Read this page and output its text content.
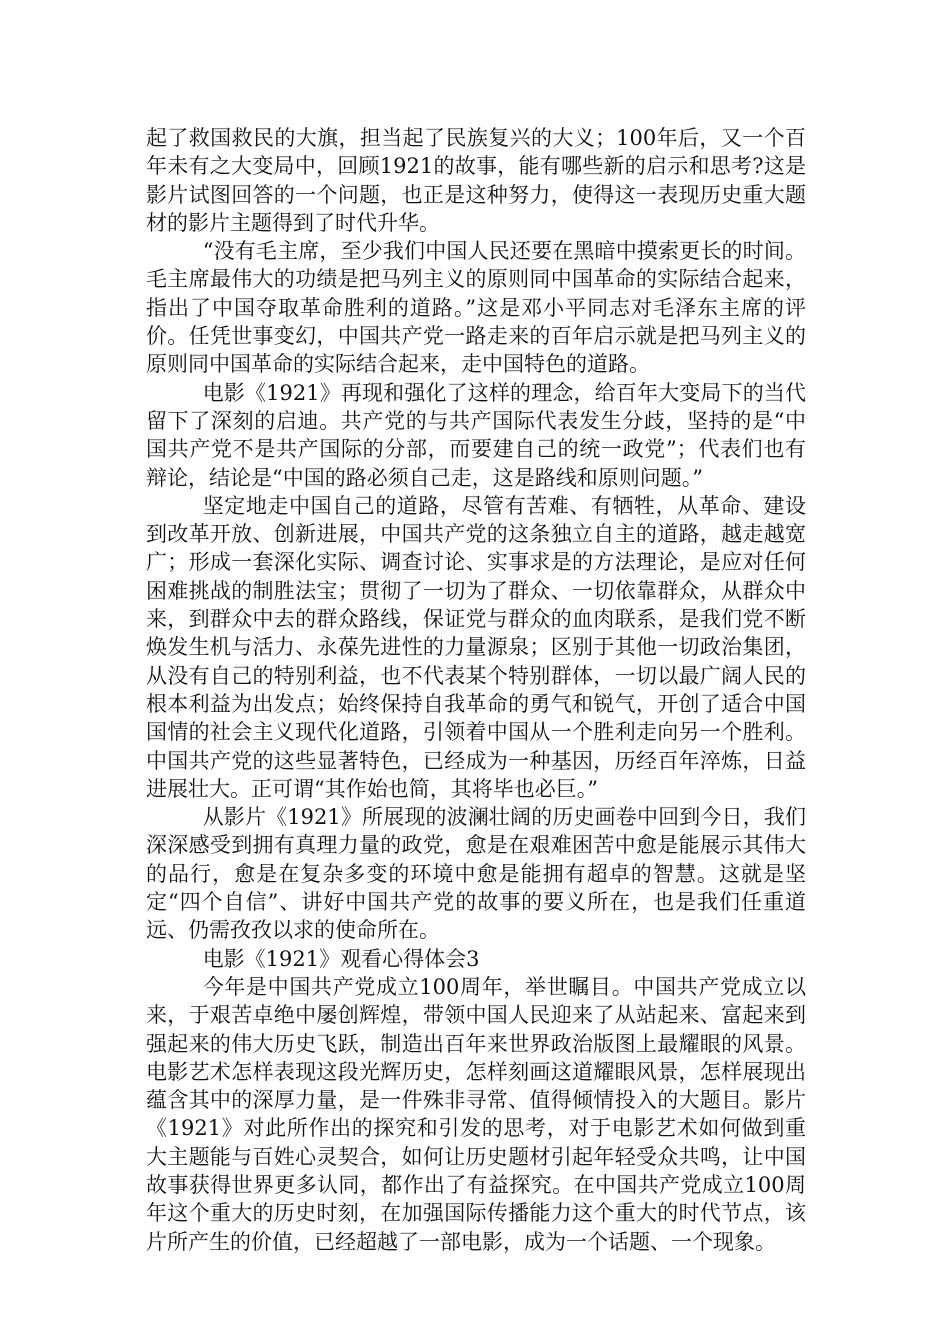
起了救国救民的大旗，担当起了民族复兴的大义；100年后，又一个百年未有之大变局中，回顾1921的故事，能有哪些新的启示和思考?这是影片试图回答的一个问题，也正是这种努力，使得这一表现历史重大题材的影片主题得到了时代升华。

“没有毛主席，至少我们中国人民还要在黑暗中摸索更长的时间。毛主席最伟大的功绩是把马列主义的原则同中国革命的实际结合起来，指出了中国夺取革命胜利的道路。”这是邓小平同志对毛泽东主席的评价。任凭世事变幻，中国共产党一路走来的百年启示就是把马列主义的原则同中国革命的实际结合起来，走中国特色的道路。

电影《1921》再现和强化了这样的理念，给百年大变局下的当代留下了深刻的启迪。共产党的与共产国际代表发生分歧，坚持的是“中国共产党不是共产国际的分部，而要建自己的统一政党”；代表们也有辩论，结论是“中国的路必须自己走，这是路线和原则问题。”

坚定地走中国自己的道路，尽管有苦难、有牺牲，从革命、建设到改革开放、创新进展，中国共产党的这条独立自主的道路，越走越宽广；形成一套深化实际、调查讨论、实事求是的方法理论，是应对任何困难挑战的制胜法宝；贯彻了一切为了群众、一切依靠群众，从群众中来，到群众中去的群众路线，保证党与群众的血肉联系，是我们党不断焕发生机与活力、永葆先进性的力量源泉；区别于其他一切政治集团，从没有自己的特别利益，也不代表某个特别群体，一切以最广阔人民的根本利益为出发点；始终保持自我革命的勇气和锐气，开创了适合中国国情的社会主义现代化道路，引领着中国从一个胜利走向另一个胜利。中国共产党的这些显著特色，已经成为一种基因，历经百年淬炼，日益进展壮大。正可谓“其作始也简，其将毕也必巨。”

从影片《1921》所展现的波澜壮阔的历史画卷中回到今日，我们深深感受到拥有真理力量的政党，愈是在艰难困苦中愈是能展示其伟大的品行，愈是在复杂多变的环境中愈是能拥有超卓的智慧。这就是坚定“四个自信”、讲好中国共产党的故事的要义所在，也是我们任重道远、仍需孜孜以求的使命所在。

电影《1921》观看心得体会3

今年是中国共产党成立100周年，举世瞩目。中国共产党成立以来，于艰苦卓绝中屡创辉煌，带领中国人民迎来了从站起来、富起来到强起来的伟大历史飞跃，制造出百年来世界政治版图上最耀眼的风景。电影艺术怎样表现这段光辉历史，怎样刻画这道耀眼风景，怎样展现出蕴含其中的深厚力量，是一件殊非寻常、值得倾情投入的大题目。影片《1921》对此所作出的探究和引发的思考，对于电影艺术如何做到重大主题能与百姓心灵契合，如何让历史题材引起年轻受众共鸣，让中国故事获得世界更多认同，都作出了有益探究。在中国共产党成立100周年这个重大的历史时刻，在加强国际传播能力这个重大的时代节点，该片所产生的价值，已经超越了一部电影，成为一个话题、一个现象。
